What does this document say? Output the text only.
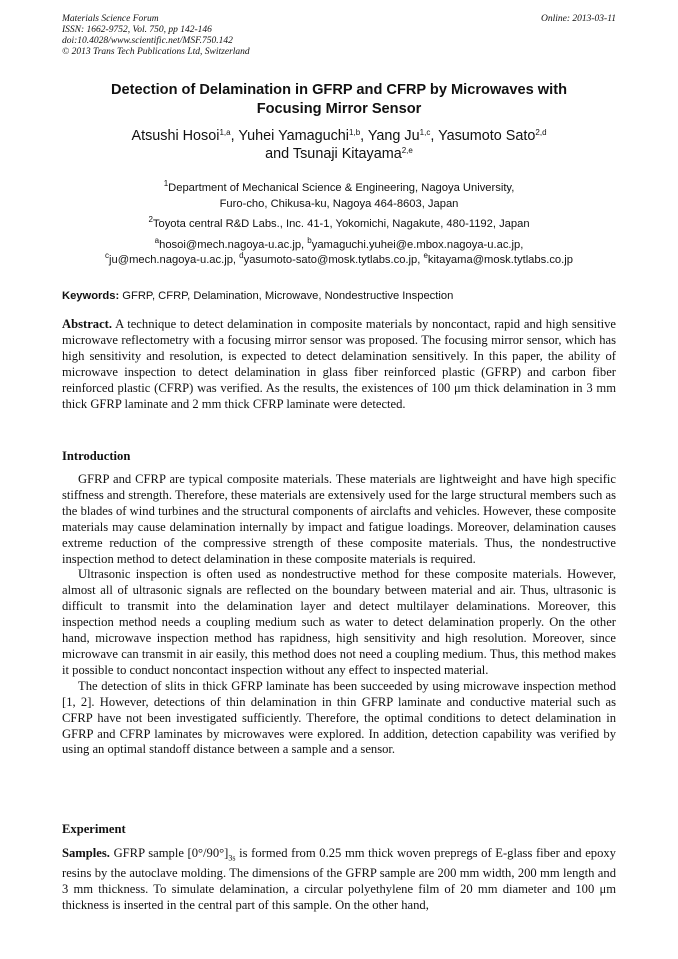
Materials Science Forum
ISSN: 1662-9752, Vol. 750, pp 142-146
doi:10.4028/www.scientific.net/MSF.750.142
© 2013 Trans Tech Publications Ltd, Switzerland
Online: 2013-03-11
Detection of Delamination in GFRP and CFRP by Microwaves with
Focusing Mirror Sensor
Atsushi Hosoi$^{1,a}$, Yuhei Yamaguchi$^{1,b}$, Yang Ju$^{1,c}$, Yasumoto Sato$^{2,d}$
and Tsunaji Kitayama$^{2,e}$
$^1$Department of Mechanical Science & Engineering, Nagoya University,
Furo-cho, Chikusa-ku, Nagoya 464-8603, Japan
$^2$Toyota central R&D Labs., Inc. 41-1, Yokomichi, Nagakute, 480-1192, Japan
$^a$hosoi@mech.nagoya-u.ac.jp, $^b$yamaguchi.yuhei@e.mbox.nagoya-u.ac.jp,
$^c$ju@mech.nagoya-u.ac.jp, $^d$yasumoto-sato@mosk.tytlabs.co.jp, $^e$kitayama@mosk.tytlabs.co.jp
Keywords: GFRP, CFRP, Delamination, Microwave, Nondestructive Inspection

Abstract. A technique to detect delamination in composite materials by noncontact, rapid and high sensitive microwave reflectometry with a focusing mirror sensor was proposed. The focusing mirror sensor, which has high sensitivity and resolution, is expected to detect delamination sensitively. In this paper, the ability of microwave inspection to detect delamination in glass fiber reinforced plastic (GFRP) and carbon fiber reinforced plastic (CFRP) was verified. As the results, the existences of 100 μm thick delamination in 3 mm thick GFRP laminate and 2 mm thick CFRP laminate were detected.

Introduction

GFRP and CFRP are typical composite materials. These materials are lightweight and have high specific stiffness and strength. Therefore, these materials are extensively used for the large structural members such as the blades of wind turbines and the structural components of airclafts and vehicles. However, these composite materials may cause delamination internally by impact and fatigue loadings. Moreover, delamination causes extreme reduction of the compressive strength of these composite materials. Thus, the nondestructive inspection method to detect delamination in these composite materials is required.

Ultrasonic inspection is often used as nondestructive method for these composite materials. However, almost all of ultrasonic signals are reflected on the boundary between material and air. Thus, ultrasonic is difficult to transmit into the delamination layer and detect multilayer delaminations. Moreover, this inspection method needs a coupling medium such as water to detect delamination properly. On the other hand, microwave inspection method has rapidness, high sensitivity and high resolution. Moreover, since microwave can transmit in air easily, this method does not need a coupling medium. Thus, this method makes it possible to conduct noncontact inspection without any effect to inspected material.

The detection of slits in thick GFRP laminate has been succeeded by using microwave inspection method [1, 2]. However, detections of thin delamination in thin GFRP laminate and conductive material such as CFRP have not been investigated sufficiently. Therefore, the optimal conditions to detect delamination in GFRP and CFRP laminates by microwaves were explored. In addition, detection capability was verified by using an optimal standoff distance between a sample and a sensor.

Experiment

Samples. GFRP sample $[0^\circ/90^\circ]_{3s}$ is formed from 0.25 mm thick woven prepregs of E-glass fiber and epoxy resins by the autoclave molding. The dimensions of the GFRP sample are 200 mm width, 200 mm length and 3 mm thickness. To simulate delamination, a circular polyethylene film of 20 mm diameter and 100 μm thickness is inserted in the central part of this sample. On the other hand,
